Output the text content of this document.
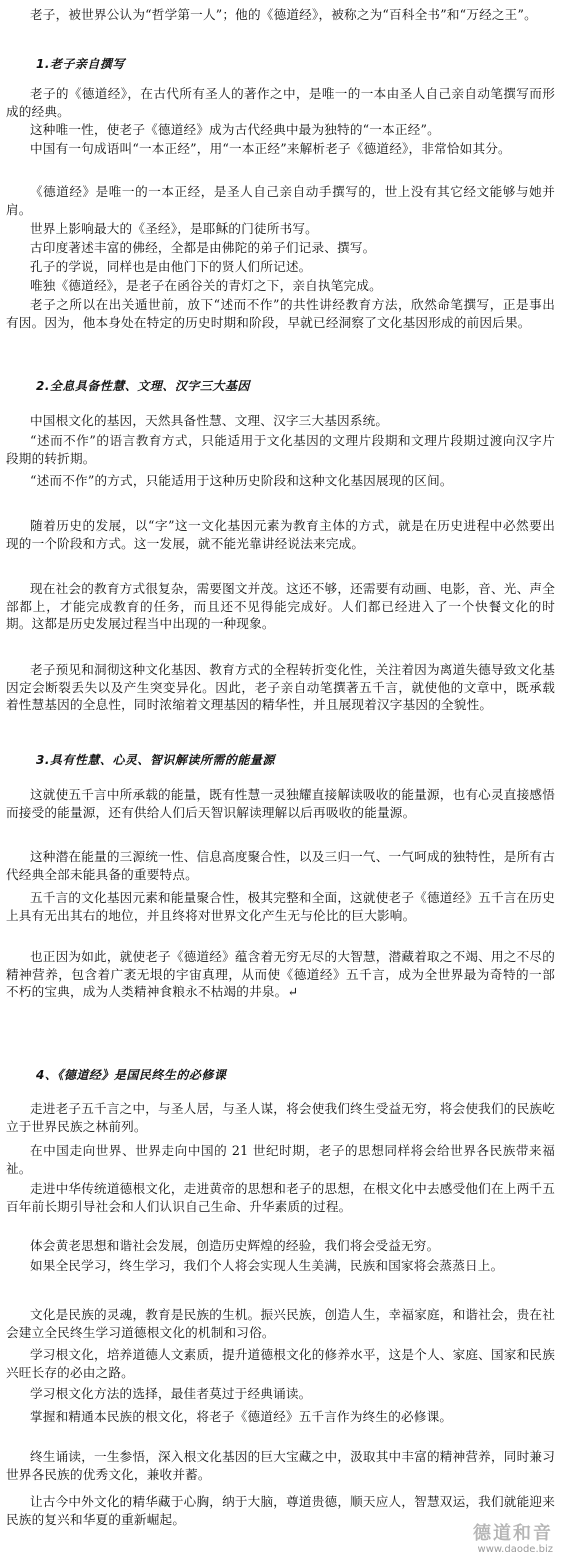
老子，被世界公认为“哲学第一人”；他的《德道经》，被称之为“百科全书”和“万经之王”。

1.老子亲自撰写

老子的《德道经》，在古代所有圣人的著作之中，是唯一的一本由圣人自己亲自动笔撰写而形成的经典。

这种唯一性，使老子《德道经》成为古代经典中最为独特的“一本正经”。

中国有一句成语叫“一本正经”，用“一本正经”来解析老子《德道经》，非常恰如其分。

《德道经》是唯一的一本正经，是圣人自己亲自动手撰写的，世上没有其它经文能够与她并肩。

世界上影响最大的《圣经》，是耶稣的门徒所书写。

古印度著述丰富的佛经，全都是由佛陀的弟子们记录、撰写。

孔子的学说，同样也是由他门下的贤人们所记述。

唯独《德道经》，是老子在函谷关的青灯之下，亲自执笔完成。

老子之所以在出关遁世前，放下“述而不作”的共性讲经教育方法，欣然命笔撰写，正是事出有因。因为，他本身处在特定的历史时期和阶段，早就已经洞察了文化基因形成的前因后果。

2.全息具备性慧、文理、汉字三大基因

中国根文化的基因，天然具备性慧、文理、汉字三大基因系统。

“述而不作”的语言教育方式，只能适用于文化基因的文理片段期和文理片段期过渡向汉字片段期的转折期。

“述而不作”的方式，只能适用于这种历史阶段和这种文化基因展现的区间。

随着历史的发展，以“字”这一文化基因元素为教育主体的方式，就是在历史进程中必然要出现的一个阶段和方式。这一发展，就不能光靠讲经说法来完成。

现在社会的教育方式很复杂，需要图文并茂。这还不够，还需要有动画、电影，音、光、声全部都上，才能完成教育的任务，而且还不见得能完成好。人们都已经进入了一个快餐文化的时期。这都是历史发展过程当中出现的一种现象。

老子预见和洞彻这种文化基因、教育方式的全程转折变化性，关注着因为离道失德导致文化基因定会断裂丢失以及产生突变异化。因此，老子亲自动笔撰著五千言，就使他的文章中，既承载着性慧基因的全息性，同时浓缩着文理基因的精华性，并且展现着汉字基因的全貌性。

3.具有性慧、心灵、智识解读所需的能量源

这就使五千言中所承载的能量，既有性慧一灵独耀直接解读吸收的能量源，也有心灵直接感悟而接受的能量源，还有供给人们后天智识解读理解以后再吸收的能量源。

这种潜在能量的三源统一性、信息高度聚合性，以及三归一气、一气呵成的独特性，是所有古代经典全部未能具备的重要特点。

五千言的文化基因元素和能量聚合性，极其完整和全面，这就使老子《德道经》五千言在历史上具有无出其右的地位，并且终将对世界文化产生无与伦比的巨大影响。

也正因为如此，就使老子《德道经》蕴含着无穷无尽的大智慧，潜藏着取之不竭、用之不尽的精神营养，包含着广袤无垠的宇宙真理，从而使《德道经》五千言，成为全世界最为奇特的一部不朽的宝典，成为人类精神食粮永不枯竭的井泉。↵

4、《德道经》是国民终生的必修课

走进老子五千言之中，与圣人居，与圣人谋，将会使我们终生受益无穷，将会使我们的民族屹立于世界民族之林前列。

在中国走向世界、世界走向中国的 21 世纪时期，老子的思想同样将会给世界各民族带来福祉。

走进中华传统道德根文化，走进黄帝的思想和老子的思想，在根文化中去感受他们在上两千五百年前长期引导社会和人们认识自己生命、升华素质的过程。

体会黄老思想和谐社会发展，创造历史辉煌的经验，我们将会受益无穷。

如果全民学习，终生学习，我们个人将会实现人生美满，民族和国家将会蒸蒸日上。

文化是民族的灵魂，教育是民族的生机。振兴民族，创造人生，幸福家庭，和谐社会，贵在社会建立全民终生学习道德根文化的机制和习俗。

学习根文化，培养道德人文素质，提升道德根文化的修养水平，这是个人、家庭、国家和民族兴旺长存的必由之路。

学习根文化方法的选择，最佳者莫过于经典诵读。

掌握和精通本民族的根文化，将老子《德道经》五千言作为终生的必修课。

终生诵读，一生参悟，深入根文化基因的巨大宝藏之中，汲取其中丰富的精神营养，同时兼习世界各民族的优秀文化，兼收并蓄。

让古今中外文化的精华藏于心胸，纳于大脑，尊道贵德，顺天应人，智慧双运，我们就能迎来民族的复兴和华夏的重新崛起。

德道和音
www.daode.biz
